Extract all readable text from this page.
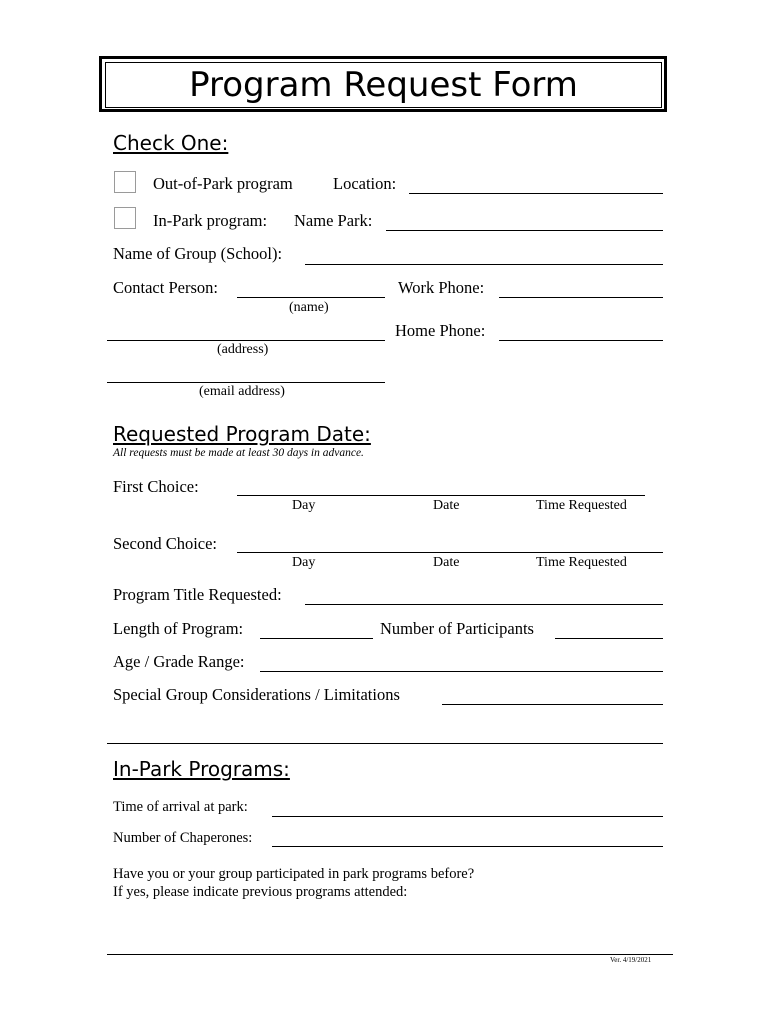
Program Request Form
Check One:
Out-of-Park program Location:
In-Park program: Name Park:
Name of Group (School):
Contact Person:	Work Phone:
(name)
Home Phone:
(address)
(email address)
Requested Program Date:
All requests must be made at least 30 days in advance.
First Choice:
Day	Date	Time Requested
Second Choice:
Day	Date	Time Requested
Program Title Requested:
Length of Program:	Number of Participants
Age / Grade Range:
Special Group Considerations / Limitations
In-Park Programs:
Time of arrival at park:
Number of Chaperones:
Have you or your group participated in park programs before?
If yes, please indicate previous programs attended:
Ver. 4/19/2021
